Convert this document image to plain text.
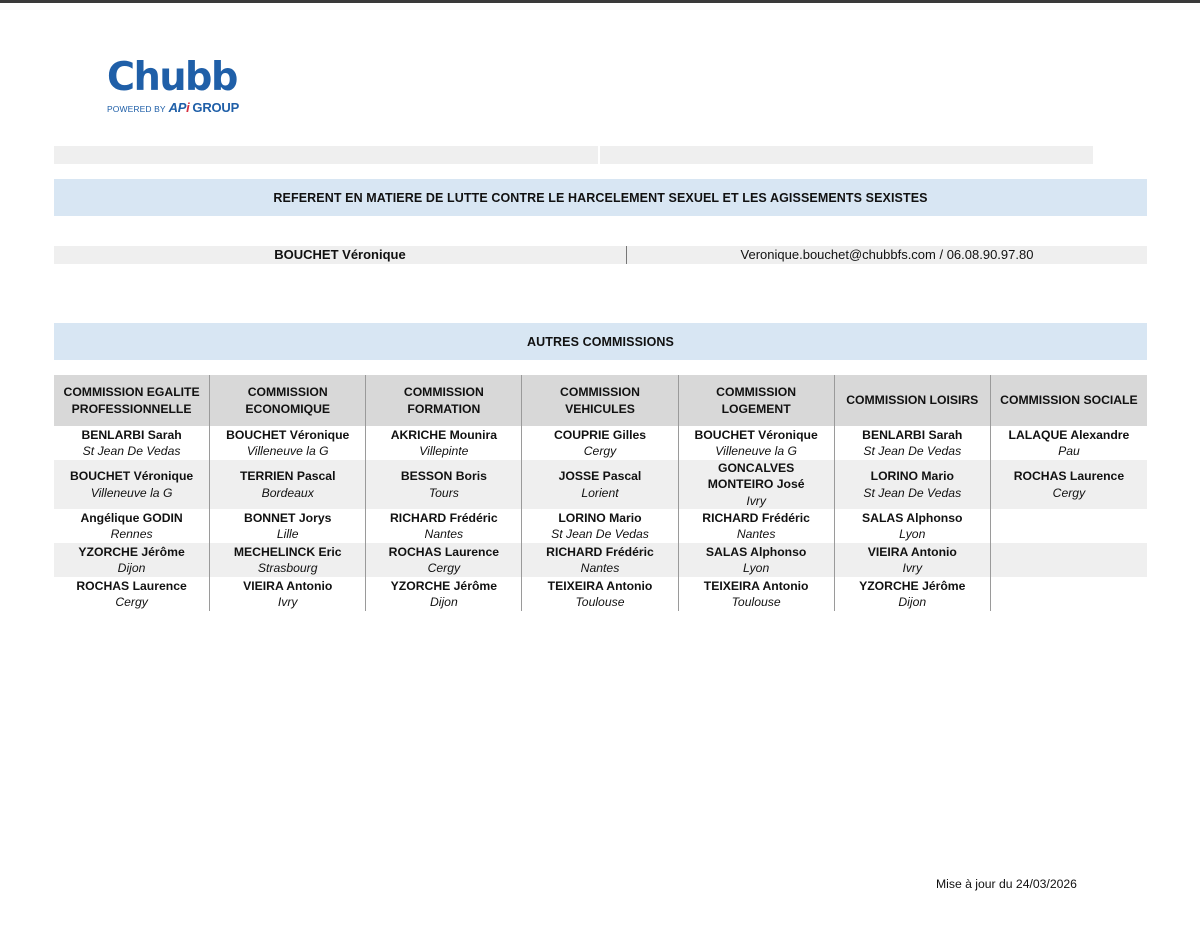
Chubb
POWERED BY APi GROUP
REFERENT EN MATIERE DE LUTTE CONTRE LE HARCELEMENT SEXUEL ET LES AGISSEMENTS SEXISTES
BOUCHET Véronique	Veronique.bouchet@chubbfs.com / 06.08.90.97.80
AUTRES COMMISSIONS
COMMISSION EGALITE PROFESSIONNELLE
BENLARBI Sarah
St Jean De Vedas
BOUCHET Véronique
Villeneuve la G
Angélique GODIN
Rennes
YZORCHE Jérôme
Dijon
ROCHAS Laurence
Cergy
COMMISSION ECONOMIQUE
BOUCHET Véronique
Villeneuve la G
TERRIEN Pascal
Bordeaux
BONNET Jorys
Lille
MECHELINCK Eric
Strasbourg
VIEIRA Antonio
Ivry
COMMISSION FORMATION
AKRICHE Mounira
Villepinte
BESSON Boris
Tours
RICHARD Frédéric
Nantes
ROCHAS Laurence
Cergy
YZORCHE Jérôme
Dijon
COMMISSION VEHICULES
COUPRIE Gilles
Cergy
JOSSE Pascal
Lorient
LORINO Mario
St Jean De Vedas
RICHARD Frédéric
Nantes
TEIXEIRA Antonio
Toulouse
COMMISSION LOGEMENT
BOUCHET Véronique
Villeneuve la G
GONCALVES MONTEIRO José
Ivry
RICHARD Frédéric
Nantes
SALAS Alphonso
Lyon
TEIXEIRA Antonio
Toulouse
COMMISSION LOISIRS
BENLARBI Sarah
St Jean De Vedas
LORINO Mario
St Jean De Vedas
SALAS Alphonso
Lyon
VIEIRA Antonio
Ivry
YZORCHE Jérôme
Dijon
COMMISSION SOCIALE
LALAQUE Alexandre
Pau
ROCHAS Laurence
Cergy
Mise à jour du 24/03/2026
